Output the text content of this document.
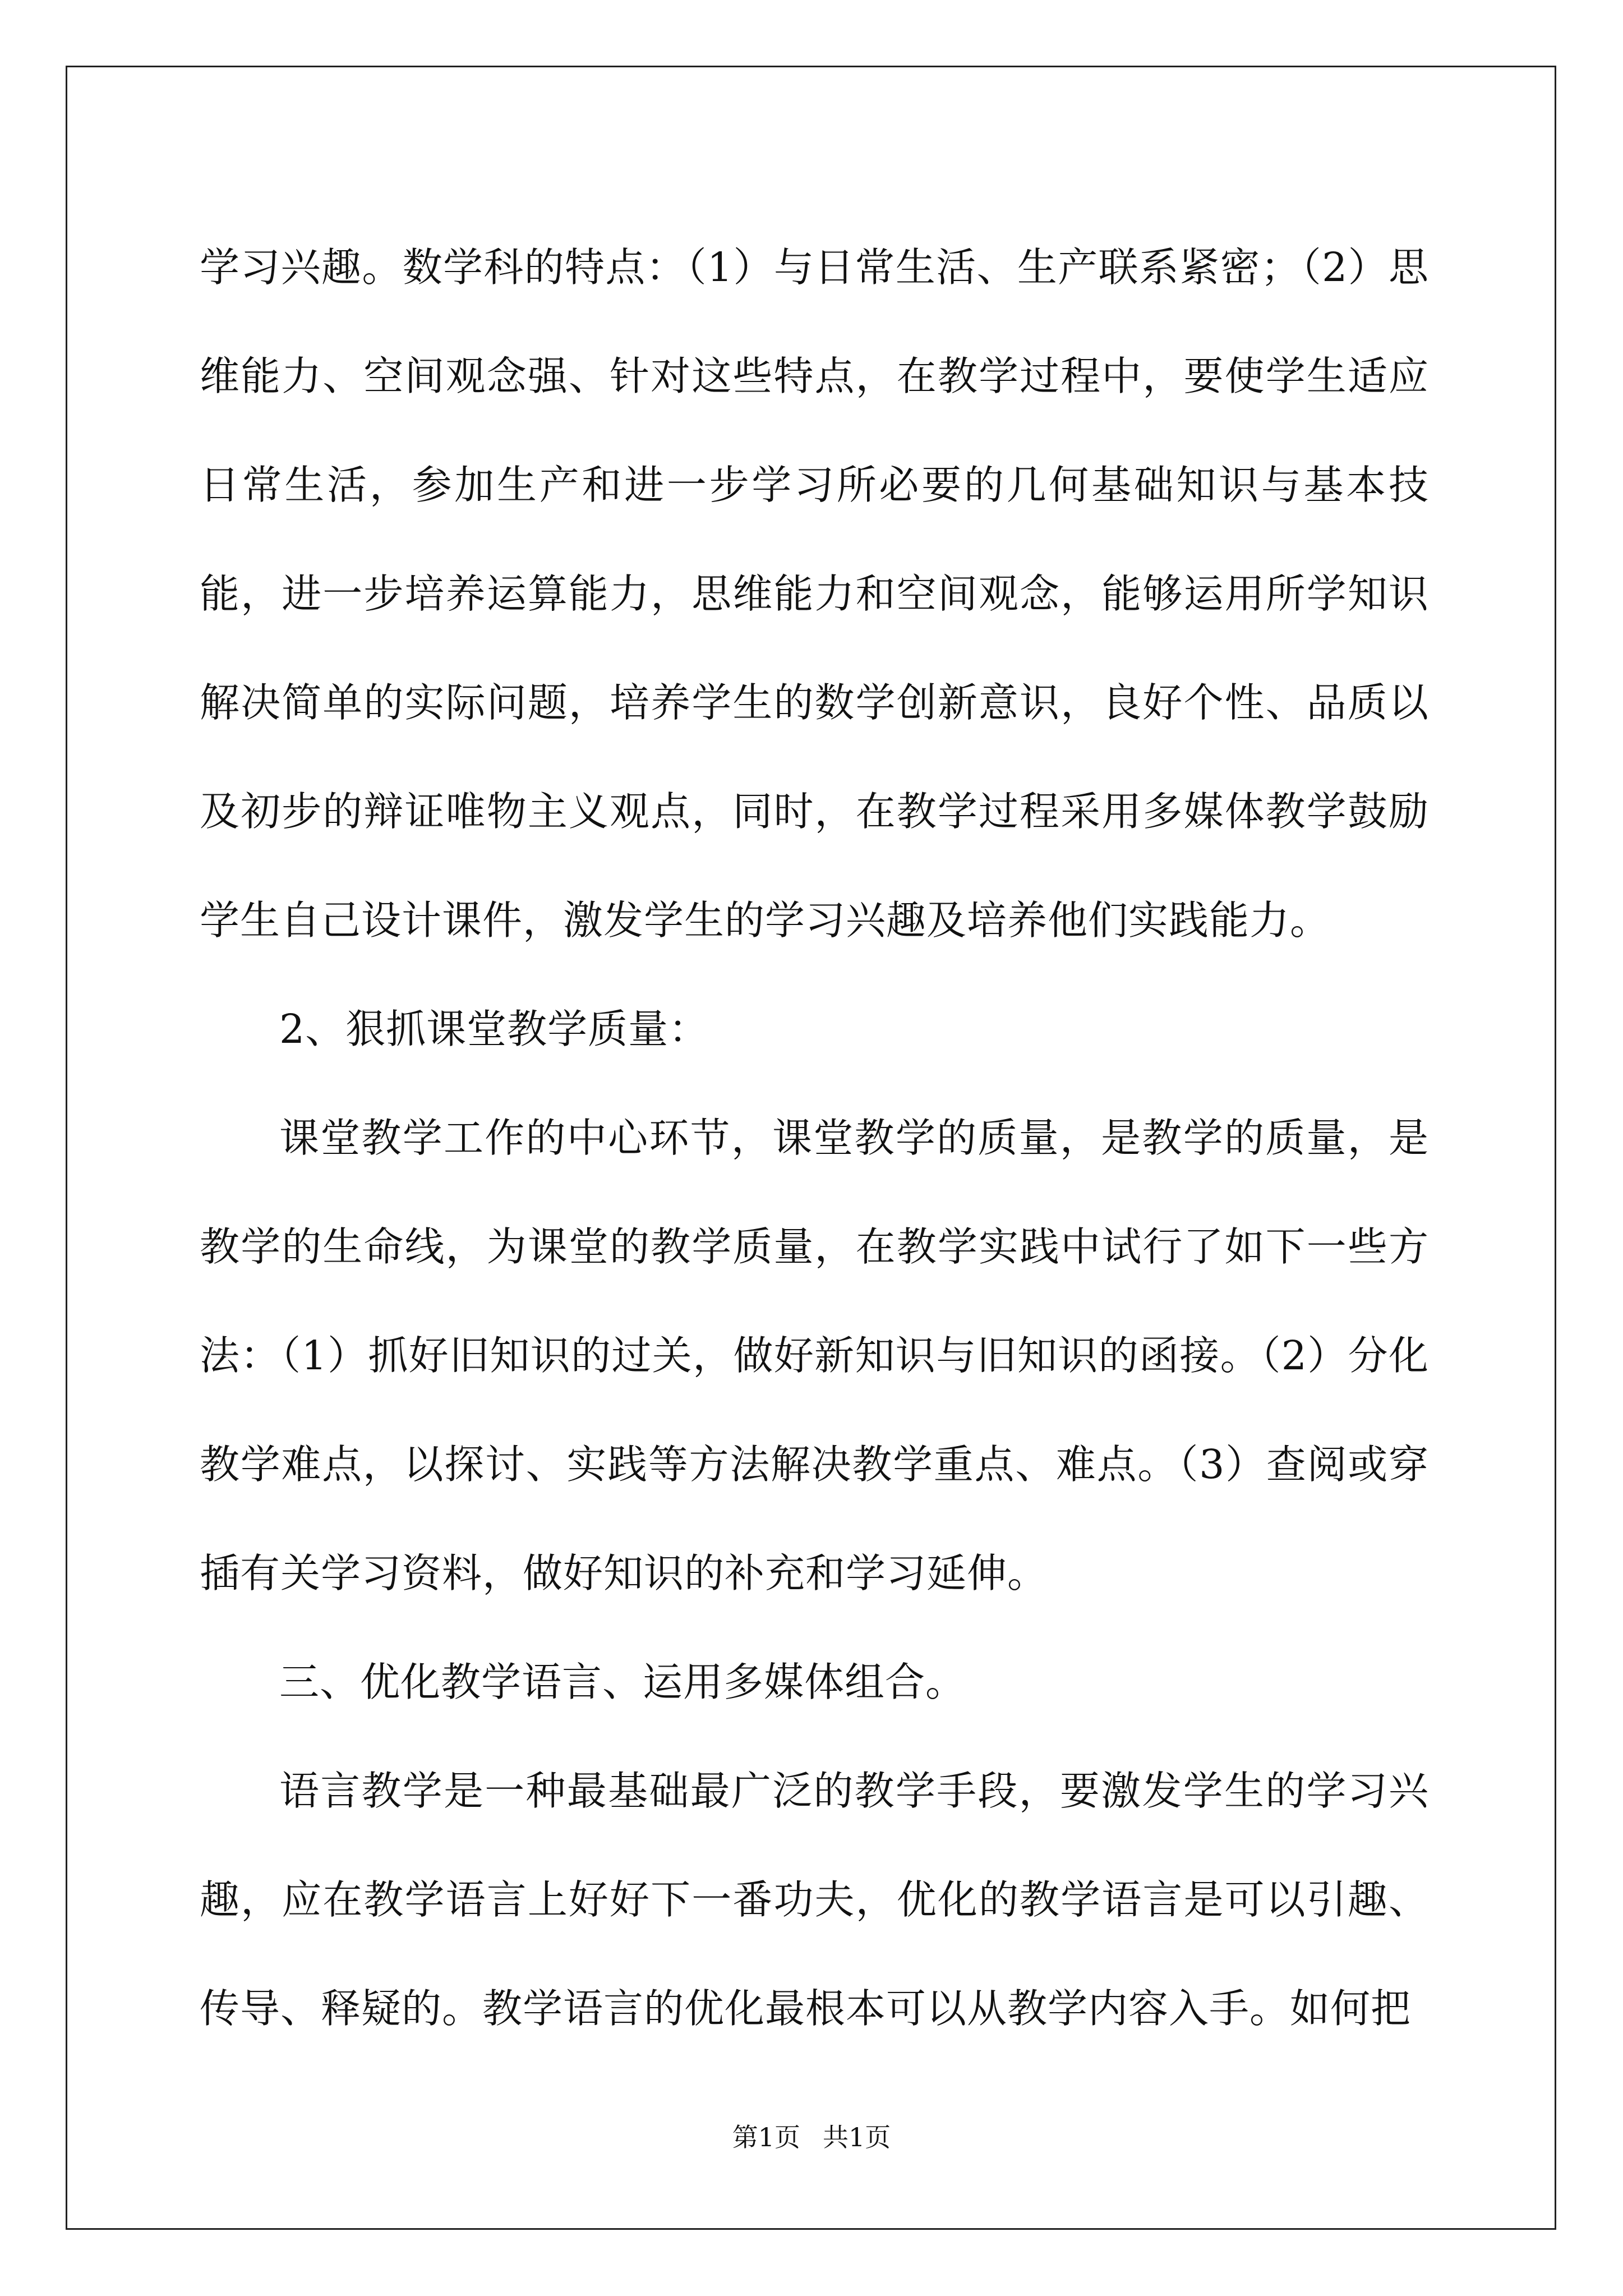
学习兴趣。数学科的特点：（1）与日常生活、生产联系紧密；（2）思维能力、空间观念强、针对这些特点，在教学过程中，要使学生适应日常生活，参加生产和进一步学习所必要的几何基础知识与基本技能，进一步培养运算能力，思维能力和空间观念，能够运用所学知识解决简单的实际问题，培养学生的数学创新意识，良好个性、品质以及初步的辩证唯物主义观点，同时，在教学过程采用多媒体教学鼓励学生自己设计课件，激发学生的学习兴趣及培养他们实践能力。

2、狠抓课堂教学质量：

课堂教学工作的中心环节，课堂教学的质量，是教学的质量，是教学的生命线，为课堂的教学质量，在教学实践中试行了如下一些方法：（1）抓好旧知识的过关，做好新知识与旧知识的函接。（2）分化教学难点，以探讨、实践等方法解决教学重点、难点。（3）查阅或穿插有关学习资料，做好知识的补充和学习延伸。

三、优化教学语言、运用多媒体组合。

语言教学是一种最基础最广泛的教学手段，要激发学生的学习兴趣，应在教学语言上好好下一番功夫，优化的教学语言是可以引趣、传导、释疑的。教学语言的优化最根本可以从教学内容入手。如何把

第1页 共1页
